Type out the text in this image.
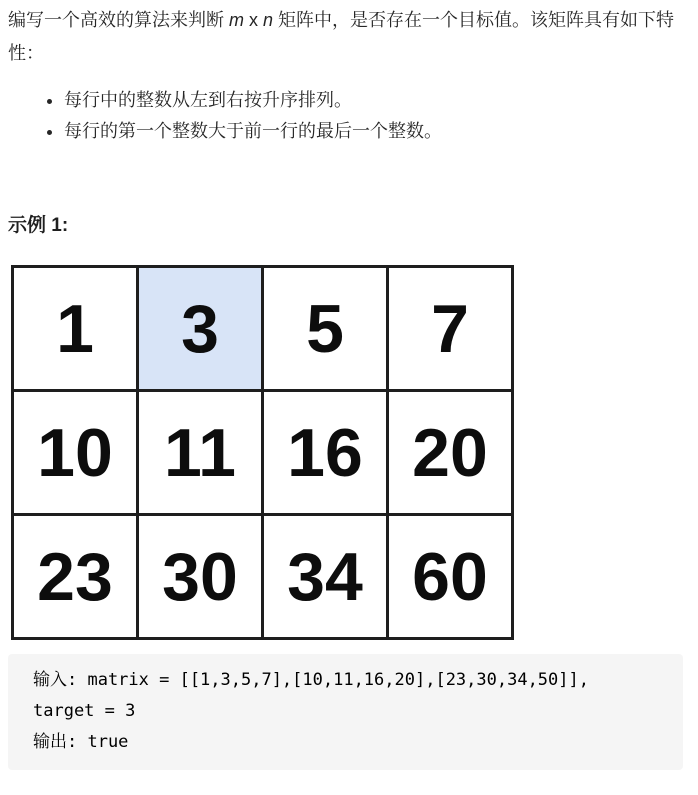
编写一个高效的算法来判断 m x n 矩阵中，是否存在一个目标值。该矩阵具有如下特性：

• 每行中的整数从左到右按升序排列。
• 每行的第一个整数大于前一行的最后一个整数。
示例 1:
1	3	5	7
10	11	16	20
23	30	34	60
输入: matrix = [[1,3,5,7],[10,11,16,20],[23,30,34,50]],
target = 3
输出: true
